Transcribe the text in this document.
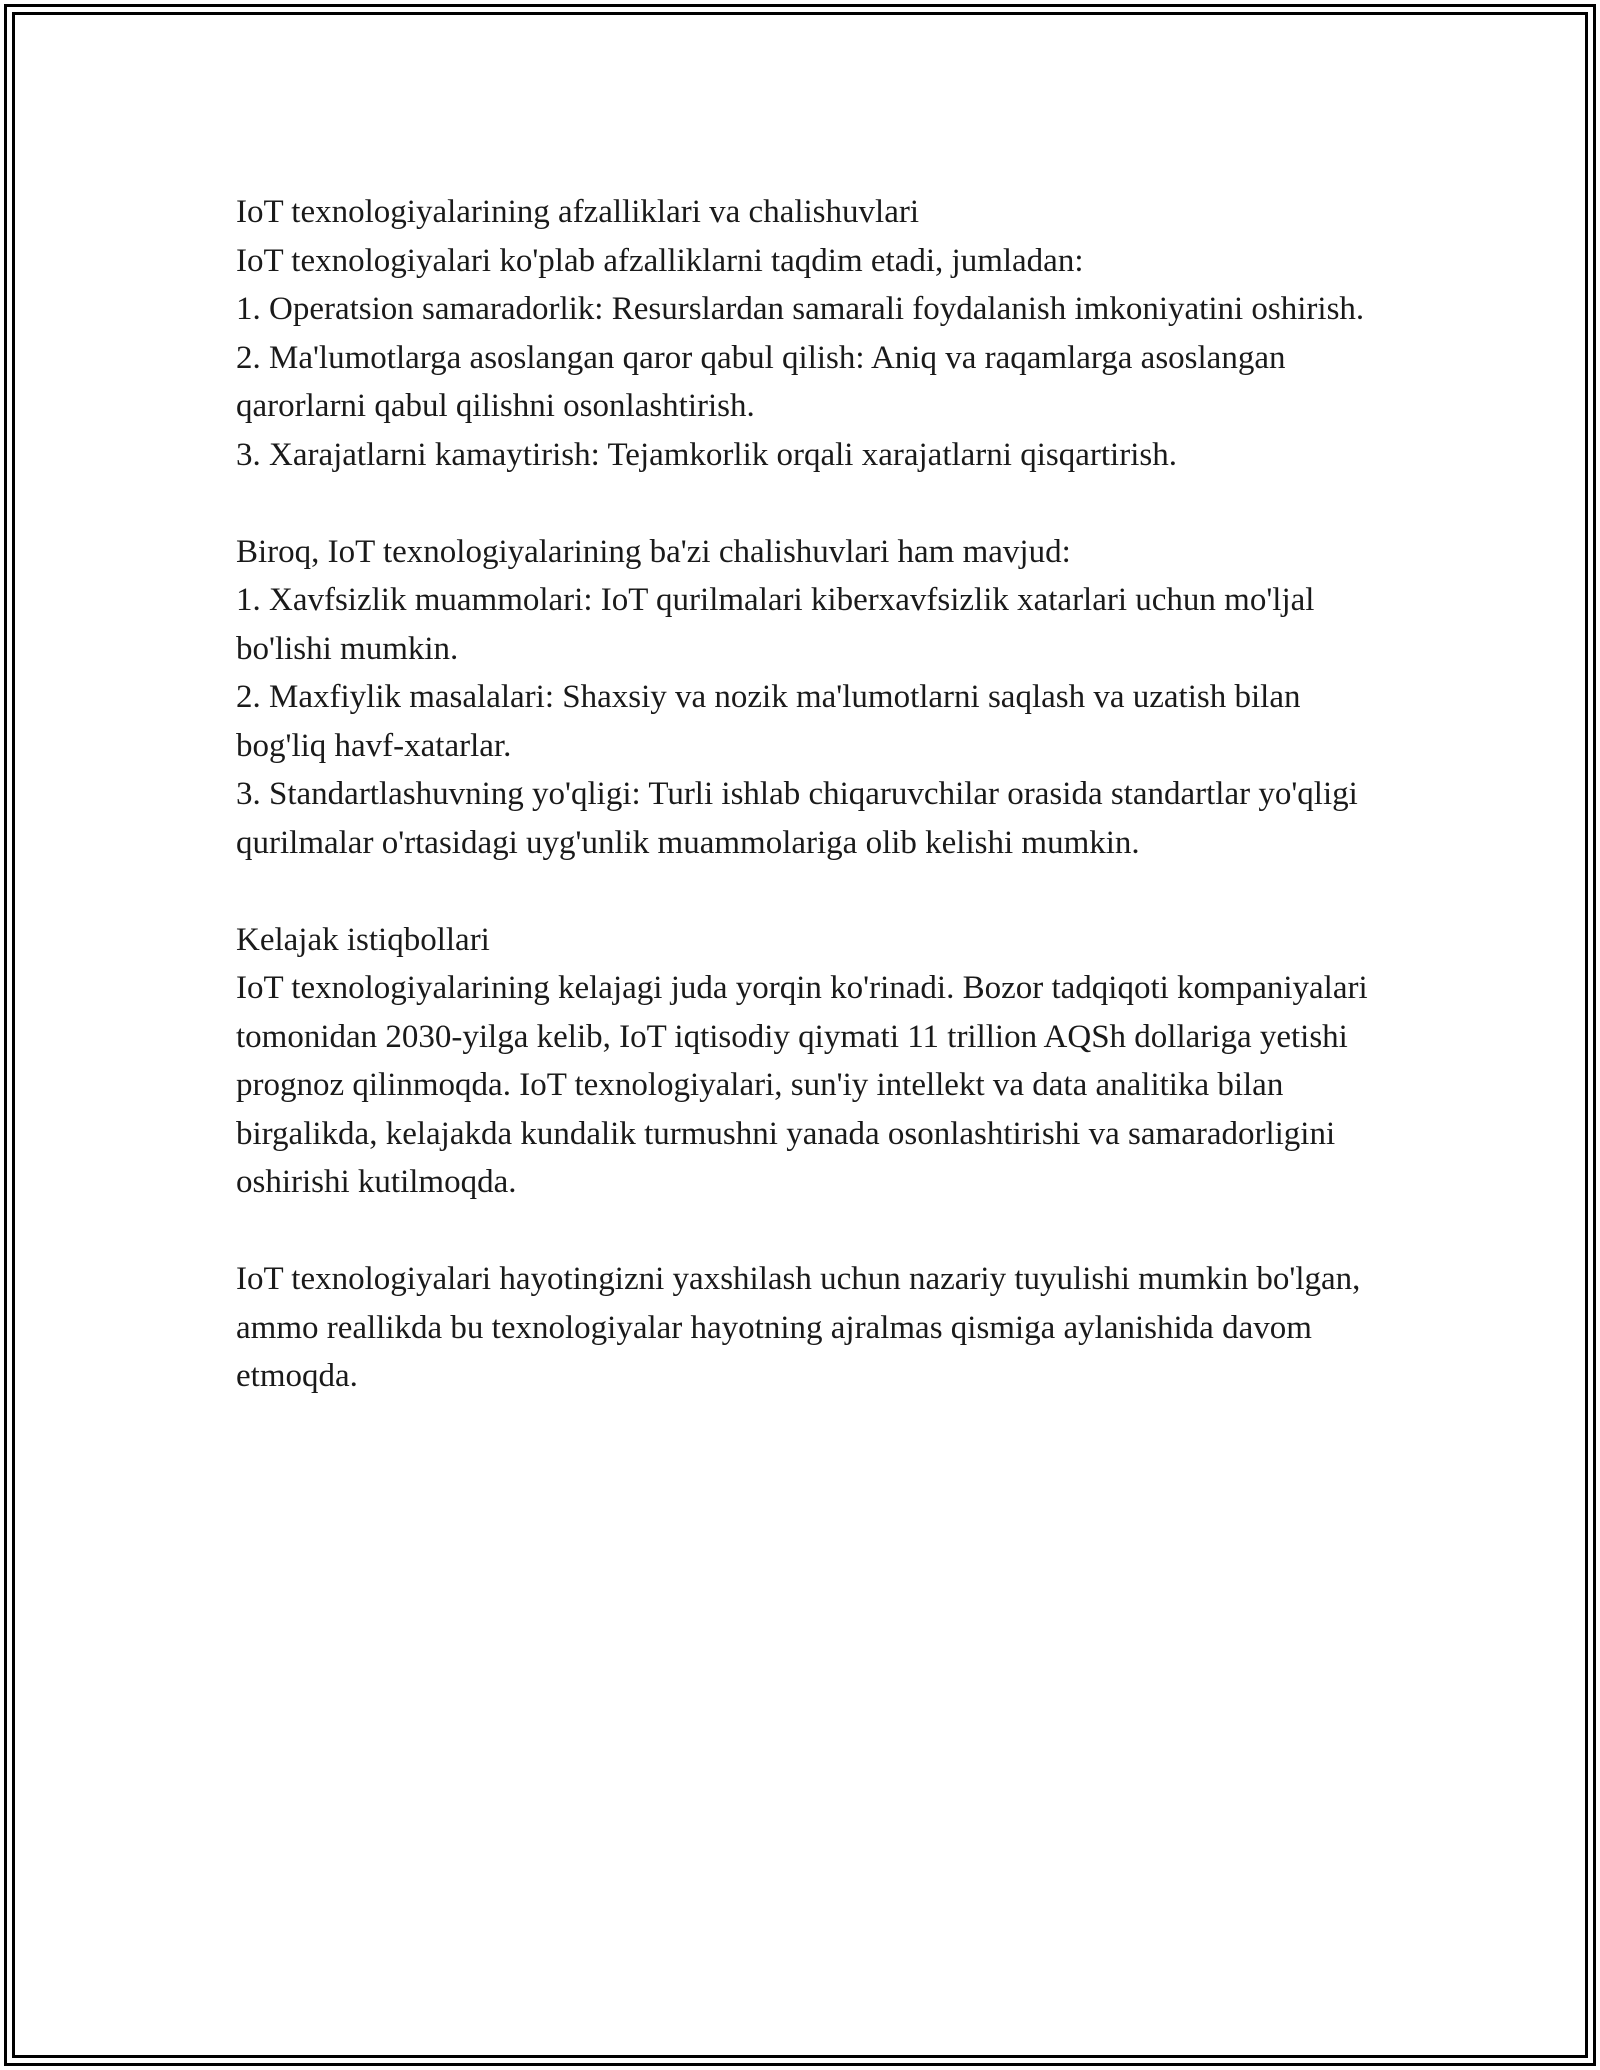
IoT texnologiyalarining afzalliklari va chalishuvlari

IoT texnologiyalari ko'plab afzalliklarni taqdim etadi, jumladan:

1. Operatsion samaradorlik: Resurslardan samarali foydalanish imkoniyatini oshirish.

2. Ma'lumotlarga asoslangan qaror qabul qilish: Aniq va raqamlarga asoslangan qarorlarni qabul qilishni osonlashtirish.

3. Xarajatlarni kamaytirish: Tejamkorlik orqali xarajatlarni qisqartirish.

Biroq, IoT texnologiyalarining ba'zi chalishuvlari ham mavjud:

1. Xavfsizlik muammolari: IoT qurilmalari kiberxavfsizlik xatarlari uchun mo'ljal bo'lishi mumkin.

2. Maxfiylik masalalari: Shaxsiy va nozik ma'lumotlarni saqlash va uzatish bilan bog'liq havf-xatarlar.

3. Standartlashuvning yo'qligi: Turli ishlab chiqaruvchilar orasida standartlar yo'qligi qurilmalar o'rtasidagi uyg'unlik muammolariga olib kelishi mumkin.

Kelajak istiqbollari

IoT texnologiyalarining kelajagi juda yorqin ko'rinadi. Bozor tadqiqoti kompaniyalari tomonidan 2030-yilga kelib, IoT iqtisodiy qiymati 11 trillion AQSh dollariga yetishi prognoz qilinmoqda. IoT texnologiyalari, sun'iy intellekt va data analitika bilan birgalikda, kelajakda kundalik turmushni yanada osonlashtirishi va samaradorligini oshirishi kutilmoqda.

IoT texnologiyalari hayotingizni yaxshilash uchun nazariy tuyulishi mumkin bo'lgan, ammo reallikda bu texnologiyalar hayotning ajralmas qismiga aylanishida davom etmoqda.
